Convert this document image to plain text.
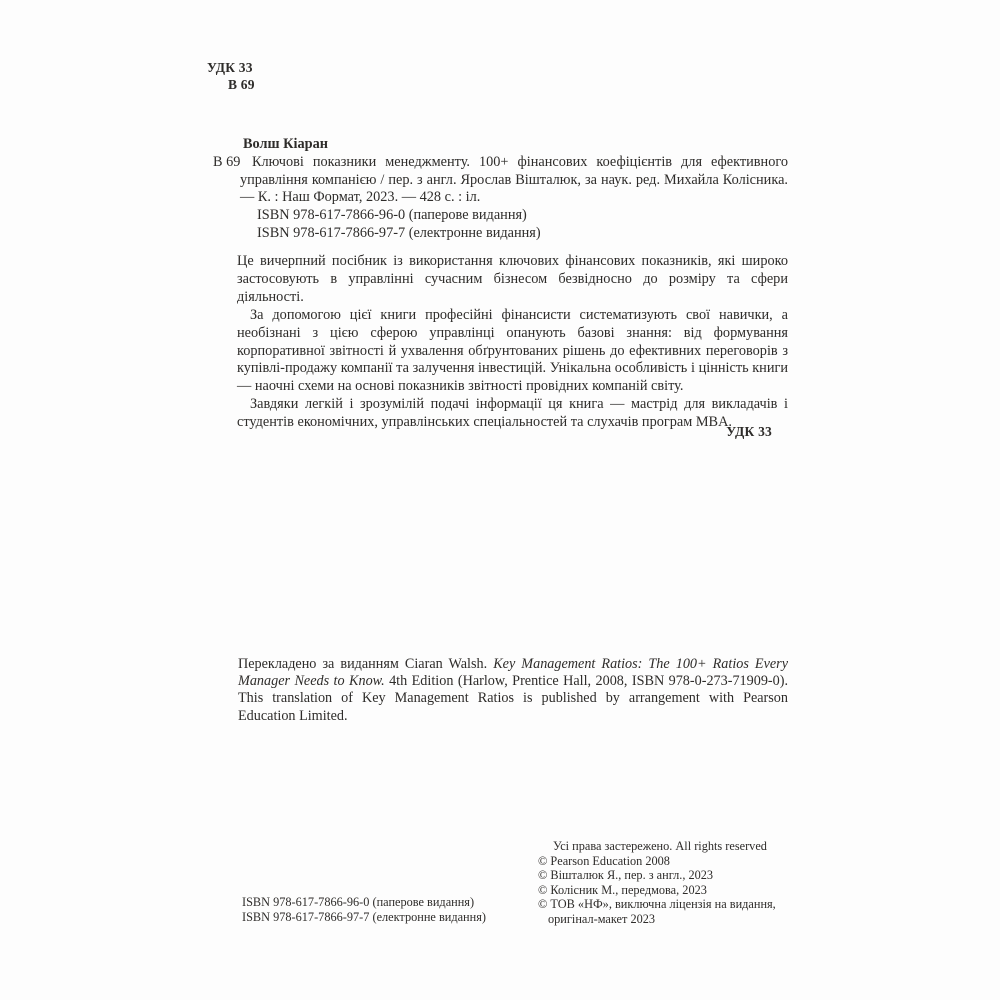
УДК 33
В 69
Волш Кіаран
В 69 Ключові показники менеджменту. 100+ фінансових коефіцієнтів для ефективного управління компанією / пер. з англ. Ярослав Вішталюк, за наук. ред. Михайла Колісника. — К. : Наш Формат, 2023. — 428 с. : іл.
ISBN 978-617-7866-96-0 (паперове видання)
ISBN 978-617-7866-97-7 (електронне видання)

Це вичерпний посібник із використання ключових фінансових показників, які широко застосовують в управлінні сучасним бізнесом безвідносно до розміру та сфери діяльності.

За допомогою цієї книги професійні фінансисти систематизують свої навички, а необізнані з цією сферою управлінці опанують базові знання: від формування корпоративної звітності й ухвалення обґрунтованих рішень до ефективних переговорів з купівлі-продажу компанії та залучення інвестицій. Унікальна особливість і цінність книги — наочні схеми на основі показників звітності провідних компаній світу.

Завдяки легкій і зрозумілій подачі інформації ця книга — мастрід для викладачів і студентів економічних, управлінських спеціальностей та слухачів програм MBA.

УДК 33
Перекладено за виданням Ciaran Walsh. Key Management Ratios: The 100+ Ratios Every Manager Needs to Know. 4th Edition (Harlow, Prentice Hall, 2008, ISBN 978-0-273-71909-0). This translation of Key Management Ratios is published by arrangement with Pearson Education Limited.
ISBN 978-617-7866-96-0 (паперове видання)
ISBN 978-617-7866-97-7 (електронне видання)
Усі права застережено. All rights reserved
© Pearson Education 2008
© Вішталюк Я., пер. з англ., 2023
© Колісник М., передмова, 2023
© ТОВ «НФ», виключна ліцензія на видання,
оригінал-макет 2023
